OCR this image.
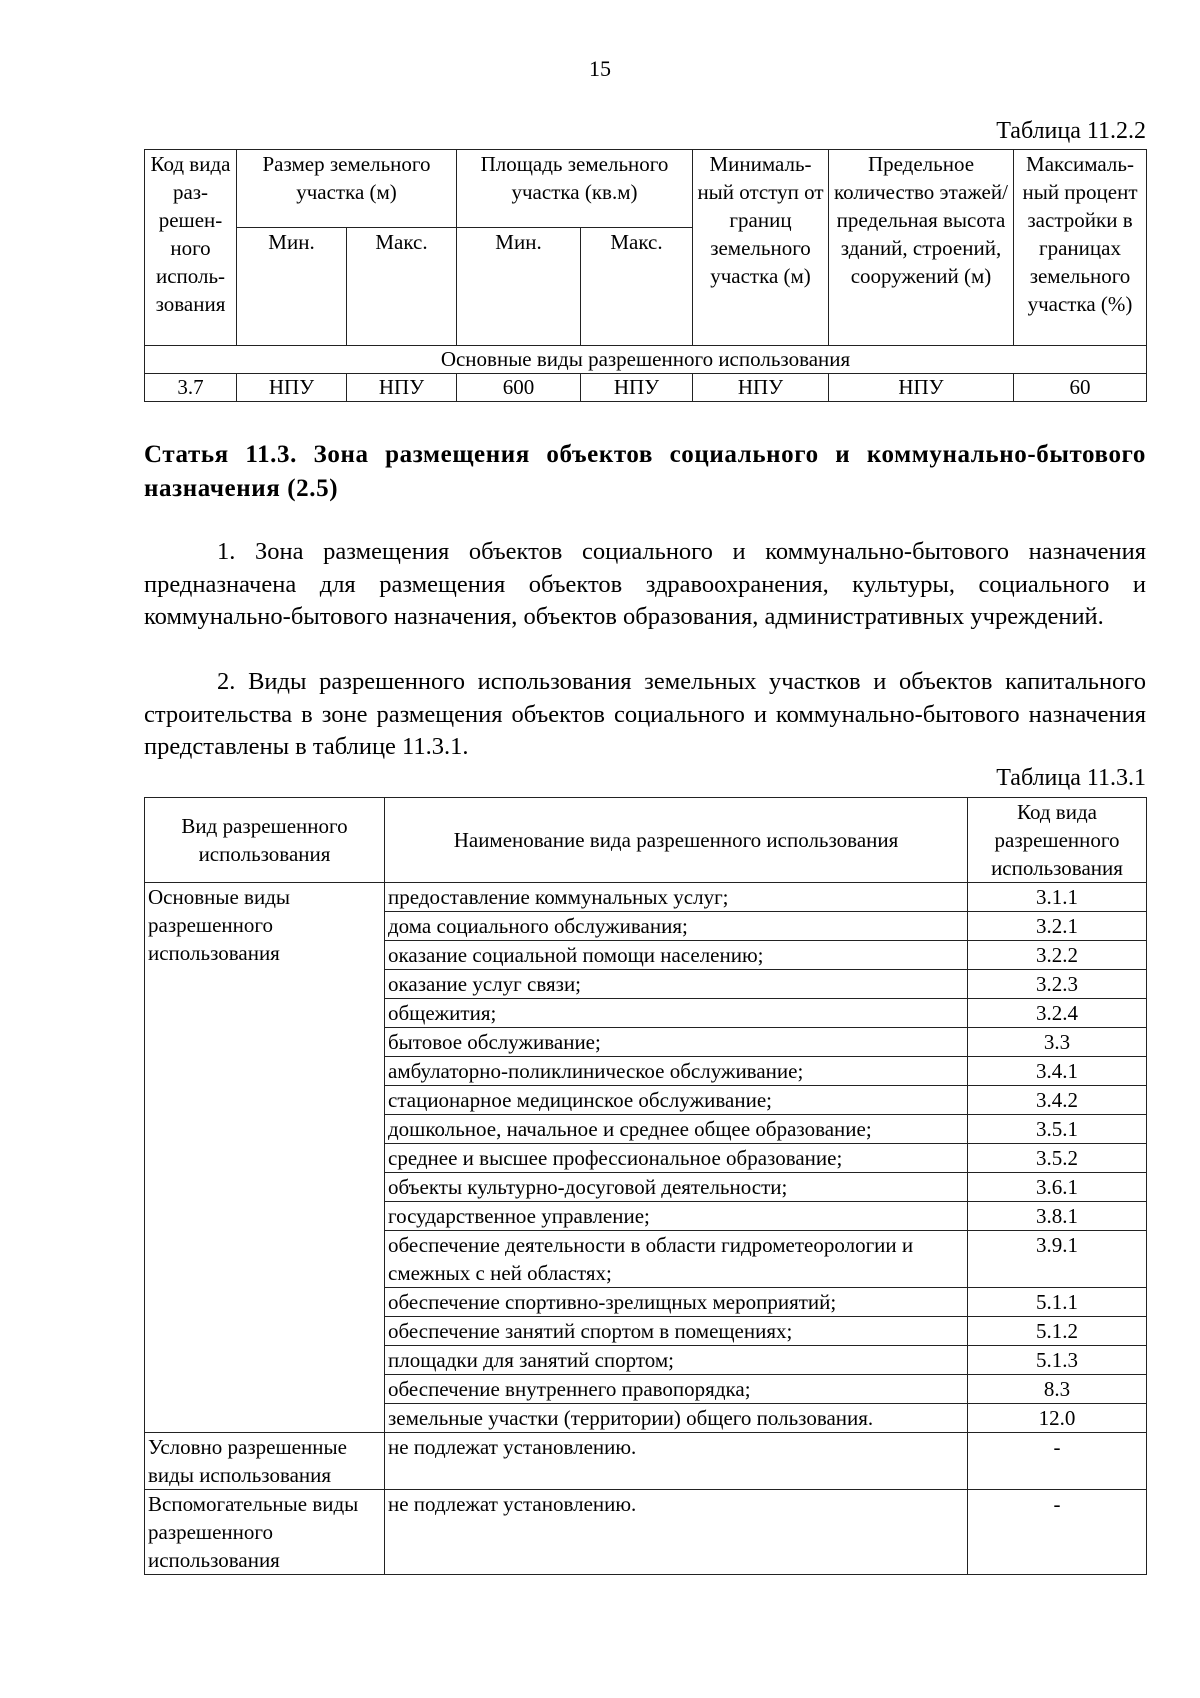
15
Таблица 11.2.2
Код вида раз-решен-ного исполь-зования	Размер земельного участка (м)		Площадь земельного участка (кв.м)		Минималь-ный отступ от границ земельного участка (м)	Предельное количество этажей/ предельная высота зданий, строений, сооружений (м)	Максималь-ный процент застройки в границах земельного участка (%)
	Мин.	Макс.	Мин.	Макс.			
Основные виды разрешенного использования							
3.7	НПУ	НПУ	600	НПУ	НПУ	НПУ	60
Статья 11.3. Зона размещения объектов социального и коммунально-бытового назначения (2.5)
1. Зона размещения объектов социального и коммунально-бытового назначения предназначена для размещения объектов здравоохранения, культуры, социального и коммунально-бытового назначения, объектов образования, административных учреждений.
2. Виды разрешенного использования земельных участков и объектов капитального строительства в зоне размещения объектов социального и коммунально-бытового назначения представлены в таблице 11.3.1.
Таблица 11.3.1
Вид разрешенного использования	Наименование вида разрешенного использования	Код вида разрешенного использования
Основные виды разрешенного использования	предоставление коммунальных услуг;	3.1.1
	дома социального обслуживания;	3.2.1
	оказание социальной помощи населению;	3.2.2
	оказание услуг связи;	3.2.3
	общежития;	3.2.4
	бытовое обслуживание;	3.3
	амбулаторно-поликлиническое обслуживание;	3.4.1
	стационарное медицинское обслуживание;	3.4.2
	дошкольное, начальное и среднее общее образование;	3.5.1
	среднее и высшее профессиональное образование;	3.5.2
	объекты культурно-досуговой деятельности;	3.6.1
	государственное управление;	3.8.1
	обеспечение деятельности в области гидрометеорологии и смежных с ней областях;	3.9.1
	обеспечение спортивно-зрелищных мероприятий;	5.1.1
	обеспечение занятий спортом в помещениях;	5.1.2
	площадки для занятий спортом;	5.1.3
	обеспечение внутреннего правопорядка;	8.3
	земельные участки (территории) общего пользования.	12.0
Условно разрешенные виды использования	не подлежат установлению.	-
Вспомогательные виды разрешенного использования	не подлежат установлению.	-
